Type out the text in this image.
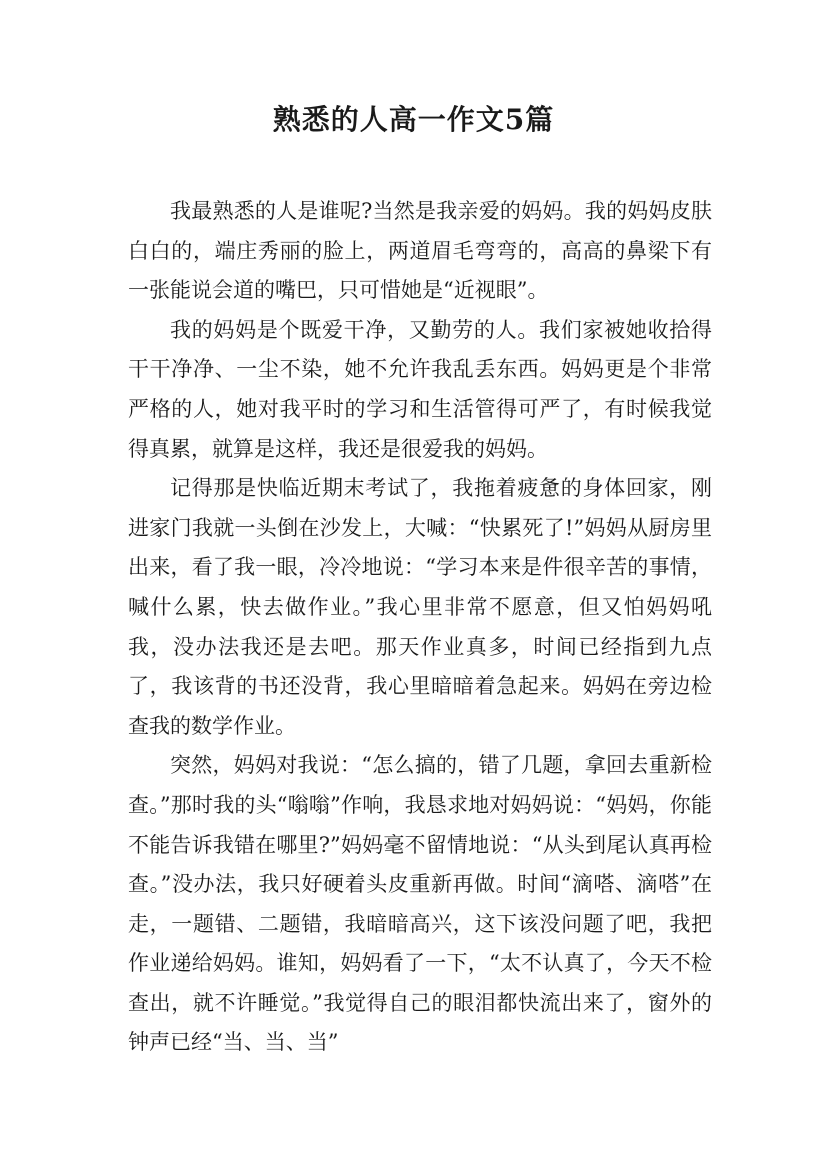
熟悉的人高一作文5篇

我最熟悉的人是谁呢?当然是我亲爱的妈妈。我的妈妈皮肤白白的，端庄秀丽的脸上，两道眉毛弯弯的，高高的鼻梁下有一张能说会道的嘴巴，只可惜她是“近视眼”。

我的妈妈是个既爱干净，又勤劳的人。我们家被她收拾得干干净净、一尘不染，她不允许我乱丢东西。妈妈更是个非常严格的人，她对我平时的学习和生活管得可严了，有时候我觉得真累，就算是这样，我还是很爱我的妈妈。

记得那是快临近期末考试了，我拖着疲惫的身体回家，刚进家门我就一头倒在沙发上，大喊：“快累死了!”妈妈从厨房里出来，看了我一眼，冷冷地说：“学习本来是件很辛苦的事情，喊什么累，快去做作业。”我心里非常不愿意，但又怕妈妈吼我，没办法我还是去吧。那天作业真多，时间已经指到九点了，我该背的书还没背，我心里暗暗着急起来。妈妈在旁边检查我的数学作业。

突然，妈妈对我说：“怎么搞的，错了几题，拿回去重新检查。”那时我的头“嗡嗡”作响，我恳求地对妈妈说：“妈妈，你能不能告诉我错在哪里?”妈妈毫不留情地说：“从头到尾认真再检查。”没办法，我只好硬着头皮重新再做。时间“滴嗒、滴嗒”在走，一题错、二题错，我暗暗高兴，这下该没问题了吧，我把作业递给妈妈。谁知，妈妈看了一下，“太不认真了，今天不检查出，就不许睡觉。”我觉得自己的眼泪都快流出来了，窗外的钟声已经“当、当、当”
